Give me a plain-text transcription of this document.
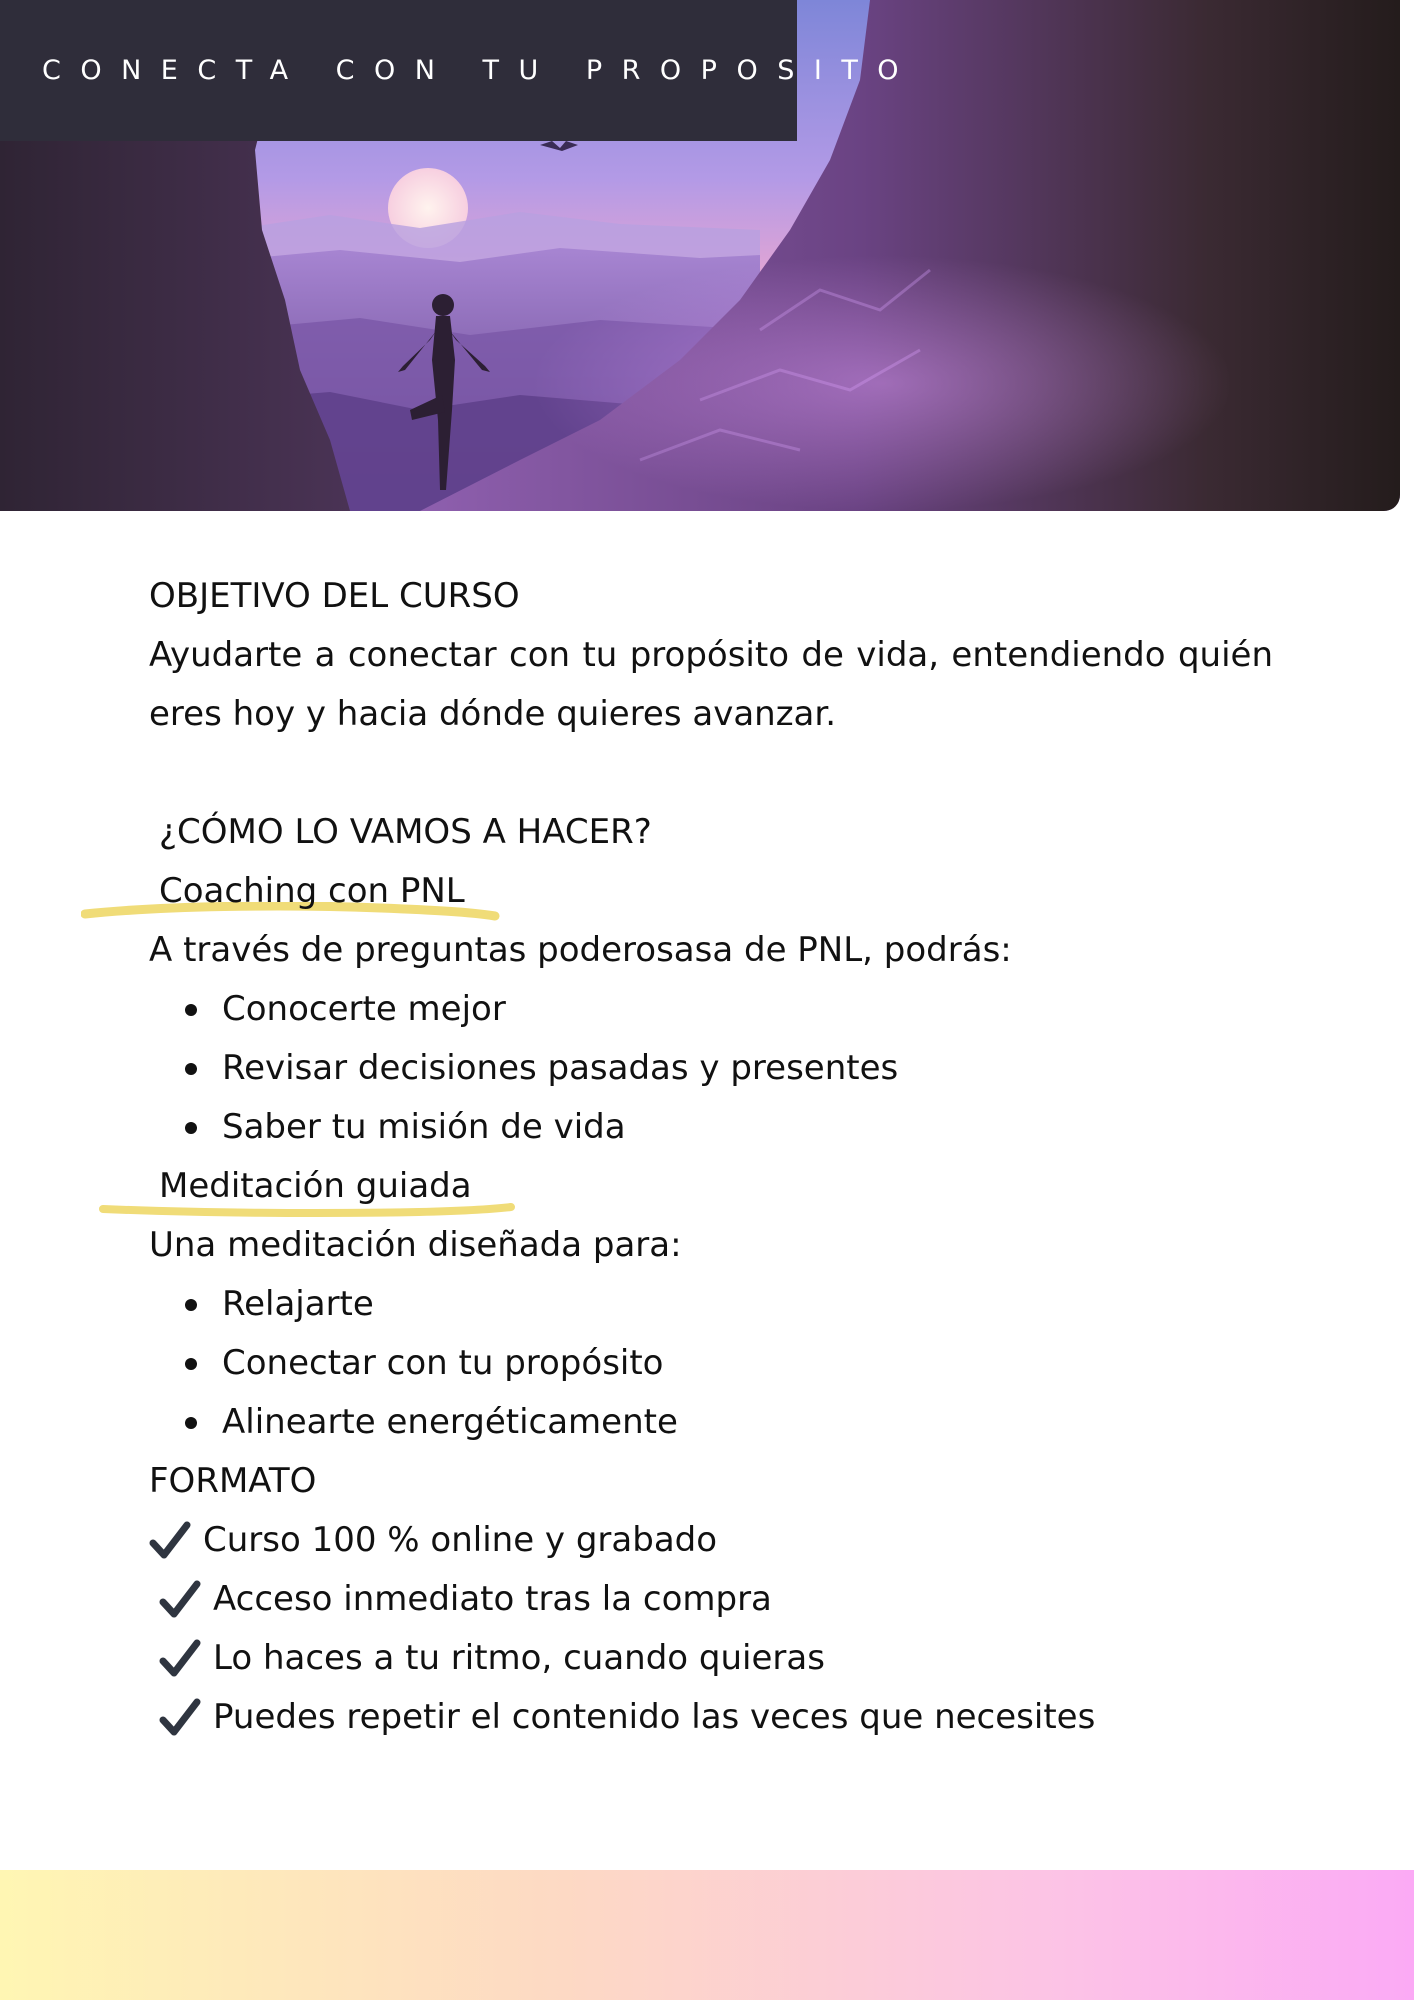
CONECTA CON TU PROPOSITO

OBJETIVO DEL CURSO

Ayudarte a conectar con tu propósito de vida, entendiendo quién eres hoy y hacia dónde quieres avanzar.

¿CÓMO LO VAMOS A HACER?

Coaching con PNL

A través de preguntas poderosasa de PNL, podrás:

Conocerte mejor
Revisar decisiones pasadas y presentes
Saber tu misión de vida
Meditación guiada

Una meditación diseñada para:

Relajarte
Conectar con tu propósito
Alinearte energéticamente

FORMATO

Curso 100 % online y grabado
Acceso inmediato tras la compra
Lo haces a tu ritmo, cuando quieras
Puedes repetir el contenido las veces que necesites
